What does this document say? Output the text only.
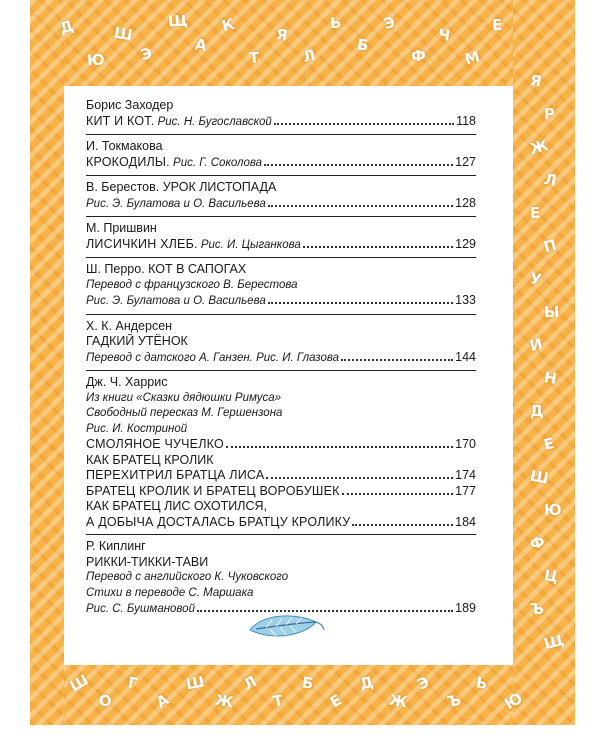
Д
Ю
Ш
Э
Щ
А
К
Т
Я
Л
Ь
Б
Э
Ф
Ч
М
Е
Я
Р
Ж
Л
Е
П
У
Ы
И
Н
Д
Е
Ш
Ю
Ф
Ц
Ъ
Щ
Ш
О
Г
А
Ш
Ж
Л
Т
Б
Е
Д
Ж
Э
Ъ
Ь
Ю
Борис Заходер
КИТ И КОТ. Рис. Н. Бугославской	118
И. Токмакова
КРОКОДИЛЫ. Рис. Г. Соколова	127
В. Берестов. УРОК ЛИСТОПАДА
Рис. Э. Булатова и О. Васильева	128
М. Пришвин
ЛИСИЧКИН ХЛЕБ. Рис. И. Цыганкова	129
Ш. Перро. КОТ В САПОГАХ
Перевод с французского В. Берестова
Рис. Э. Булатова и О. Васильева	133
Х. К. Андерсен
ГАДКИЙ УТЁНОК
Перевод с датского А. Ганзен. Рис. И. Глазова	144
Дж. Ч. Харрис
Из книги «Сказки дядюшки Римуса»
Свободный пересказ М. Гершензона
Рис. И. Костриной
СМОЛЯНОЕ ЧУЧЕЛКО	170
КАК БРАТЕЦ КРОЛИК
ПЕРЕХИТРИЛ БРАТЦА ЛИСА	174
БРАТЕЦ КРОЛИК И БРАТЕЦ ВОРОБУШЕК	177
КАК БРАТЕЦ ЛИС ОХОТИЛСЯ,
А ДОБЫЧА ДОСТАЛАСЬ БРАТЦУ КРОЛИКУ	184
Р. Киплинг
РИККИ-ТИККИ-ТАВИ
Перевод с английского К. Чуковского
Стихи в переводе С. Маршака
Рис. С. Бушмановой	189
